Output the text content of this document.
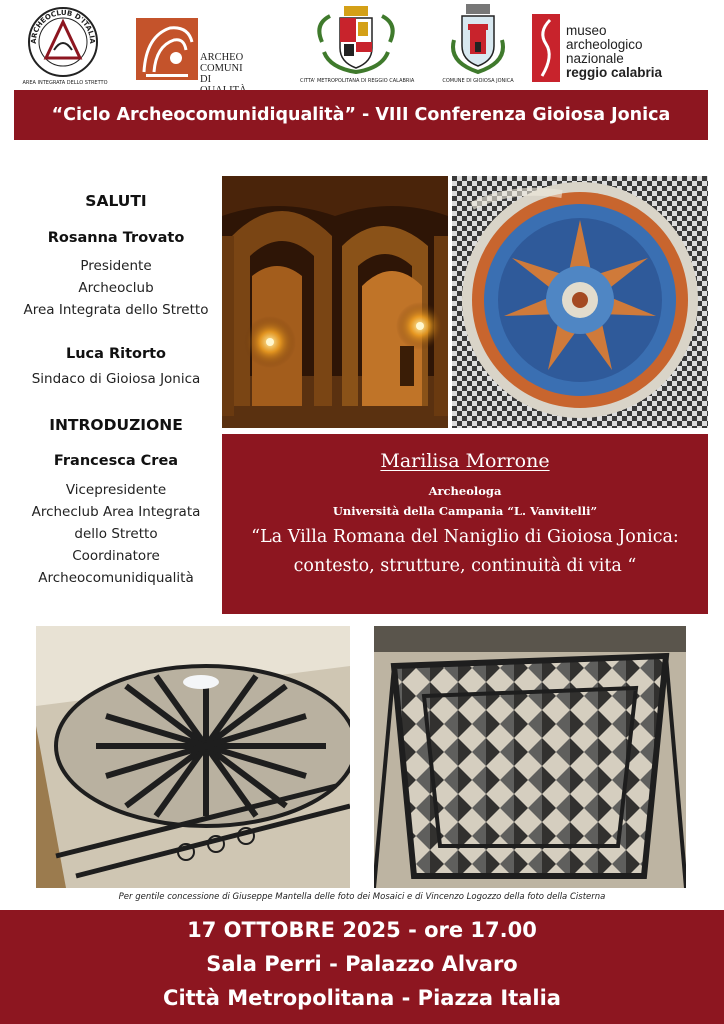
ARCHEOCLUB D'ITALIA
AREA INTEGRATA DELLO STRETTO
ARCHEO
COMUNI
DI	CITTA' METROPOLITANA DI REGGIO CALABRIA	COMUNE DI GIOIOSA JONICA
museo
archeologico
nazionale
reggio calabria
“Ciclo Archeocomunidiqualità” - VIII Conferenza Gioiosa Jonica
SALUTI
Rosanna Trovato
Presidente
Archeoclub
Area Integrata dello Stretto
Luca Ritorto
Sindaco di Gioiosa Jonica
INTRODUZIONE
Francesca Crea
Vicepresidente
Archeclub Area Integrata
dello Stretto
Coordinatore
Archeocomunidiqualità
Marilisa Morrone
Archeologa
Università della Campania “L. Vanvitelli”
“La Villa Romana del Naniglio di Gioiosa Jonica:
contesto, strutture, continuità di vita “
Per gentile concessione di Giuseppe Mantella delle foto dei Mosaici e di Vincenzo Logozzo della foto della Cisterna
17 OTTOBRE 2025 - ore 17.00
Sala Perri - Palazzo Alvaro
Città Metropolitana - Piazza Italia
